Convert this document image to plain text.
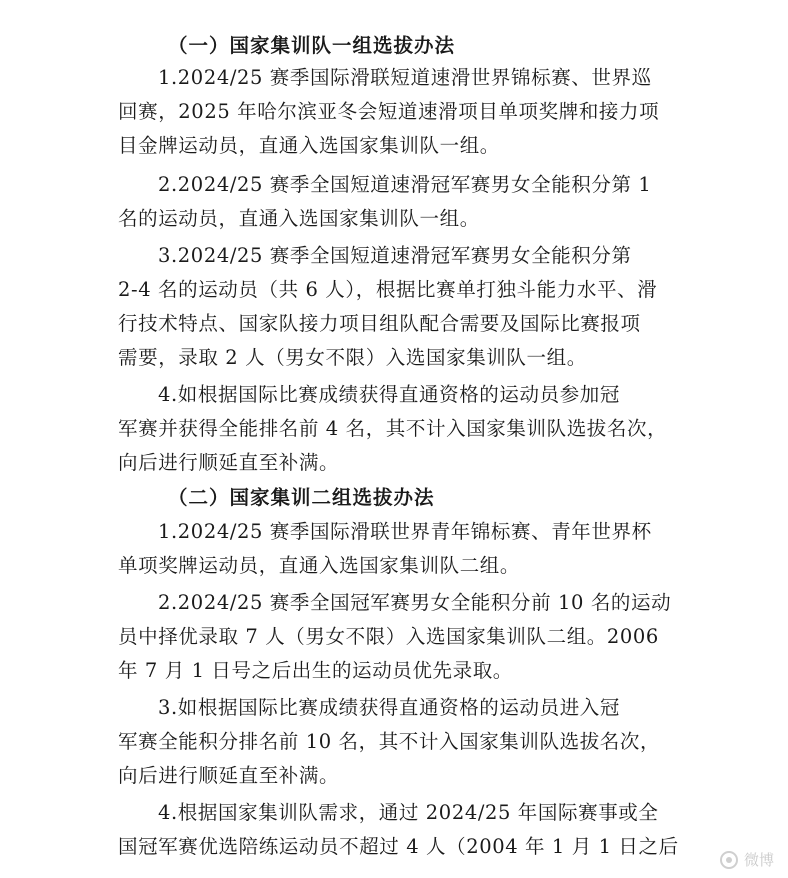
（一）国家集训队一组选拔办法
1.2024/25 赛季国际滑联短道速滑世界锦标赛、世界巡
回赛，2025 年哈尔滨亚冬会短道速滑项目单项奖牌和接力项
目金牌运动员，直通入选国家集训队一组。
2.2024/25 赛季全国短道速滑冠军赛男女全能积分第 1
名的运动员，直通入选国家集训队一组。
3.2024/25 赛季全国短道速滑冠军赛男女全能积分第
2-4 名的运动员（共 6 人），根据比赛单打独斗能力水平、滑
行技术特点、国家队接力项目组队配合需要及国际比赛报项
需要，录取 2 人（男女不限）入选国家集训队一组。
4.如根据国际比赛成绩获得直通资格的运动员参加冠
军赛并获得全能排名前 4 名，其不计入国家集训队选拔名次，
向后进行顺延直至补满。
（二）国家集训二组选拔办法
1.2024/25 赛季国际滑联世界青年锦标赛、青年世界杯
单项奖牌运动员，直通入选国家集训队二组。
2.2024/25 赛季全国冠军赛男女全能积分前 10 名的运动
员中择优录取 7 人（男女不限）入选国家集训队二组。2006
年 7 月 1 日号之后出生的运动员优先录取。
3.如根据国际比赛成绩获得直通资格的运动员进入冠
军赛全能积分排名前 10 名，其不计入国家集训队选拔名次，
向后进行顺延直至补满。
4.根据国家集训队需求，通过 2024/25 年国际赛事或全
国冠军赛优选陪练运动员不超过 4 人（2004 年 1 月 1 日之后
微博
